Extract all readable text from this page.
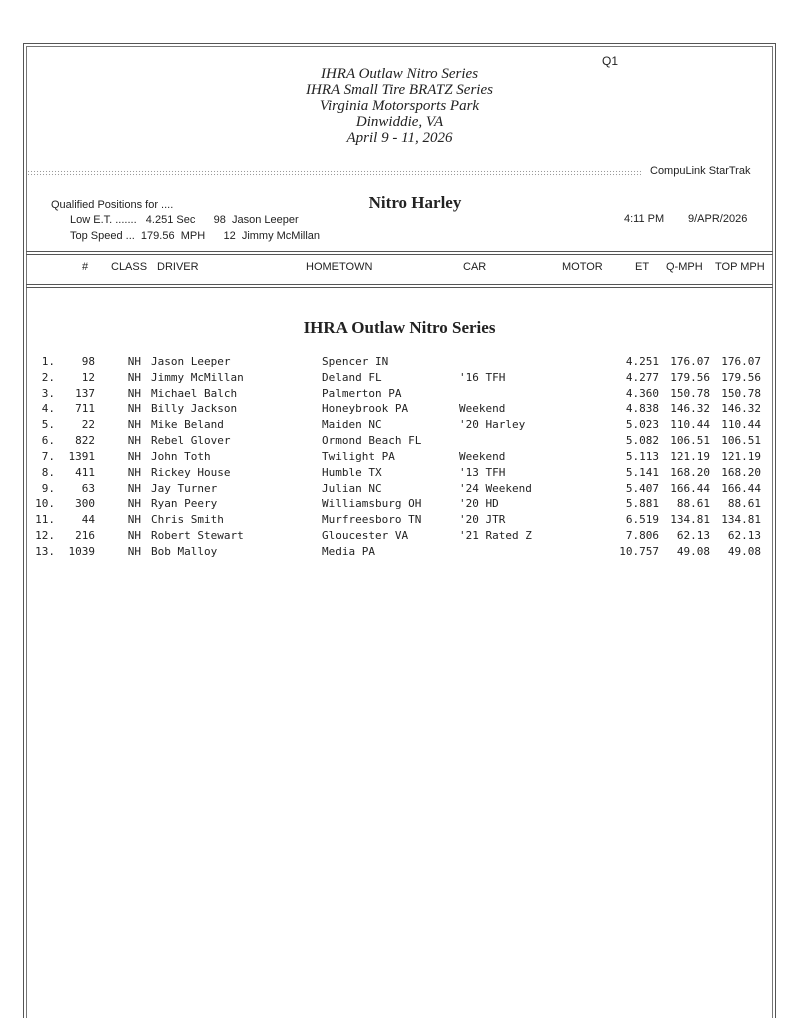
Q1
IHRA Outlaw Nitro Series
IHRA Small Tire BRATZ Series
Virginia Motorsports Park
Dinwiddie, VA
April 9 - 11, 2026
CompuLink StarTrak
Qualified Positions for ....
Low E.T. .......   4.251 Sec      98  Jason Leeper
Top Speed ...  179.56  MPH      12  Jimmy McMillan
Nitro Harley
4:11 PM 9/APR/2026
# CLASS DRIVER	HOMETOWN	CAR	MOTOR	ET Q-MPH TOP MPH
IHRA Outlaw Nitro Series
1. 98	NH Jason Leeper	Spencer IN	4.251 176.07 176.07
2. 12	NH Jimmy McMillan	Deland FL	'16 TFH	4.277 179.56 179.56
3. 137	NH Michael Balch	Palmerton PA	4.360 150.78 150.78
4. 711	NH Billy Jackson	Honeybrook PA	Weekend	4.838 146.32 146.32
5. 22	NH Mike Beland	Maiden NC	'20 Harley	5.023 110.44 110.44
6. 822	NH Rebel Glover	Ormond Beach FL	5.082 106.51 106.51
7. 1391	NH John Toth	Twilight PA	Weekend	5.113 121.19 121.19
8. 411	NH Rickey House	Humble TX	'13 TFH	5.141 168.20 168.20
9. 63	NH Jay Turner	Julian NC	'24 Weekend	5.407 166.44 166.44
10. 300	NH Ryan Peery	Williamsburg OH	'20 HD	5.881 88.61 88.61
11. 44	NH Chris Smith	Murfreesboro TN	'20 JTR	6.519 134.81 134.81
12. 216	NH Robert Stewart	Gloucester VA	'21 Rated Z	7.806 62.13 62.13
13. 1039	NH Bob Malloy	Media PA	10.757 49.08 49.08
